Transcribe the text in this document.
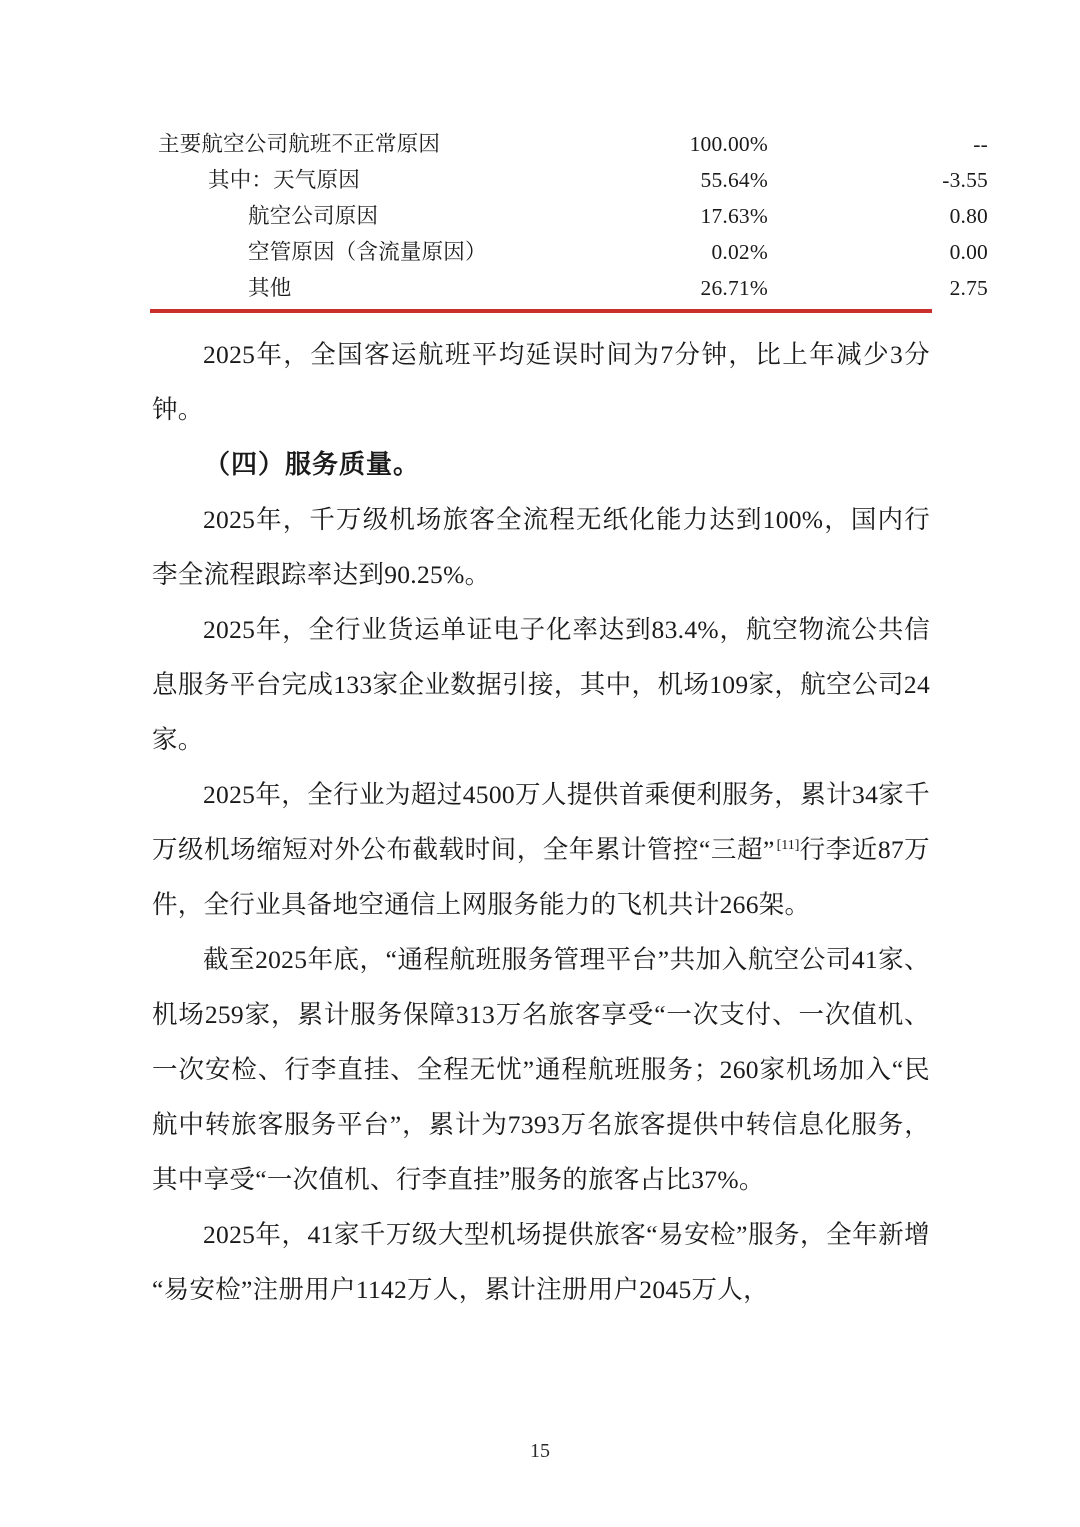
主要航空公司航班不正常原因	100.00%	--
其中：天气原因	55.64%	-3.55
航空公司原因	17.63%	0.80
空管原因（含流量原因）	0.02%	0.00
其他	26.71%	2.75

2025年，全国客运航班平均延误时间为7分钟，比上年减少3分钟。

（四）服务质量。

2025年，千万级机场旅客全流程无纸化能力达到100%，国内行李全流程跟踪率达到90.25%。

2025年，全行业货运单证电子化率达到83.4%，航空物流公共信息服务平台完成133家企业数据引接，其中，机场109家，航空公司24家。

2025年，全行业为超过4500万人提供首乘便利服务，累计34家千万级机场缩短对外公布截载时间，全年累计管控“三超” [11]行李近87万件，全行业具备地空通信上网服务能力的飞机共计266架。

截至2025年底，“通程航班服务管理平台”共加入航空公司41家、机场259家，累计服务保障313万名旅客享受“一次支付、一次值机、一次安检、行李直挂、全程无忧”通程航班服务；260家机场加入“民航中转旅客服务平台”，累计为7393万名旅客提供中转信息化服务，其中享受“一次值机、行李直挂”服务的旅客占比37%。

2025年，41家千万级大型机场提供旅客“易安检”服务，全年新增“易安检”注册用户1142万人，累计注册用户2045万人，

15
